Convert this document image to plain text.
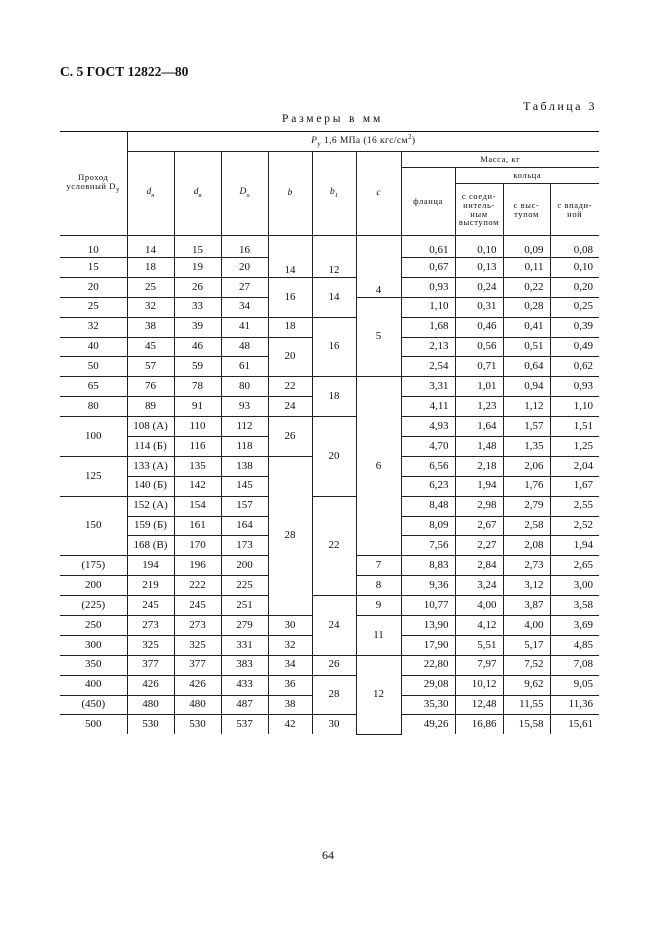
С. 5 ГОСТ 12822—80
Таблица 3
Размеры в мм
Проход условный $D_у$	$P_у$ 1,6 МПа (16 кгс/$см^2$)									
	$d_н$	$d_в$	$D_о$	b	$b_1$	c	Масса, кг			
							фланца	кольца		
								с соеди-нитель-ным выступом	с выс-тупом	с впади-ной
10	14	15	16	14	12	4	0,61	0,10	0,09	0,08
15	18	19	20				0,67	0,13	0,11	0,10
20	25	26	27	16	14		0,93	0,24	0,22	0,20
25	32	33	34			5	1,10	0,31	0,28	0,25
32	38	39	41	18	16		1,68	0,46	0,41	0,39
40	45	46	48	20			2,13	0,56	0,51	0,49
50	57	59	61				2,54	0,71	0,64	0,62
65	76	78	80	22	18	6	3,31	1,01	0,94	0,93
80	89	91	93	24			4,11	1,23	1,12	1,10
100	108 (А)	110	112	26	20		4,93	1,64	1,57	1,51
	114 (Б)	116	118				4,70	1,48	1,35	1,25
125	133 (А)	135	138	28			6,56	2,18	2,06	2,04
	140 (Б)	142	145				6,23	1,94	1,76	1,67
150	152 (А)	154	157		22		8,48	2,98	2,79	2,55
	159 (Б)	161	164				8,09	2,67	2,58	2,52
	168 (В)	170	173				7,56	2,27	2,08	1,94
(175)	194	196	200			7	8,83	2,84	2,73	2,65
200	219	222	225			8	9,36	3,24	3,12	3,00
(225)	245	245	251		24	9	10,77	4,00	3,87	3,58
250	273	273	279	30		11	13,90	4,12	4,00	3,69
300	325	325	331	32			17,90	5,51	5,17	4,85
350	377	377	383	34	26	12	22,80	7,97	7,52	7,08
400	426	426	433	36	28		29,08	10,12	9,62	9,05
(450)	480	480	487	38			35,30	12,48	11,55	11,36
500	530	530	537	42	30		49,26	16,86	15,58	15,61
64
